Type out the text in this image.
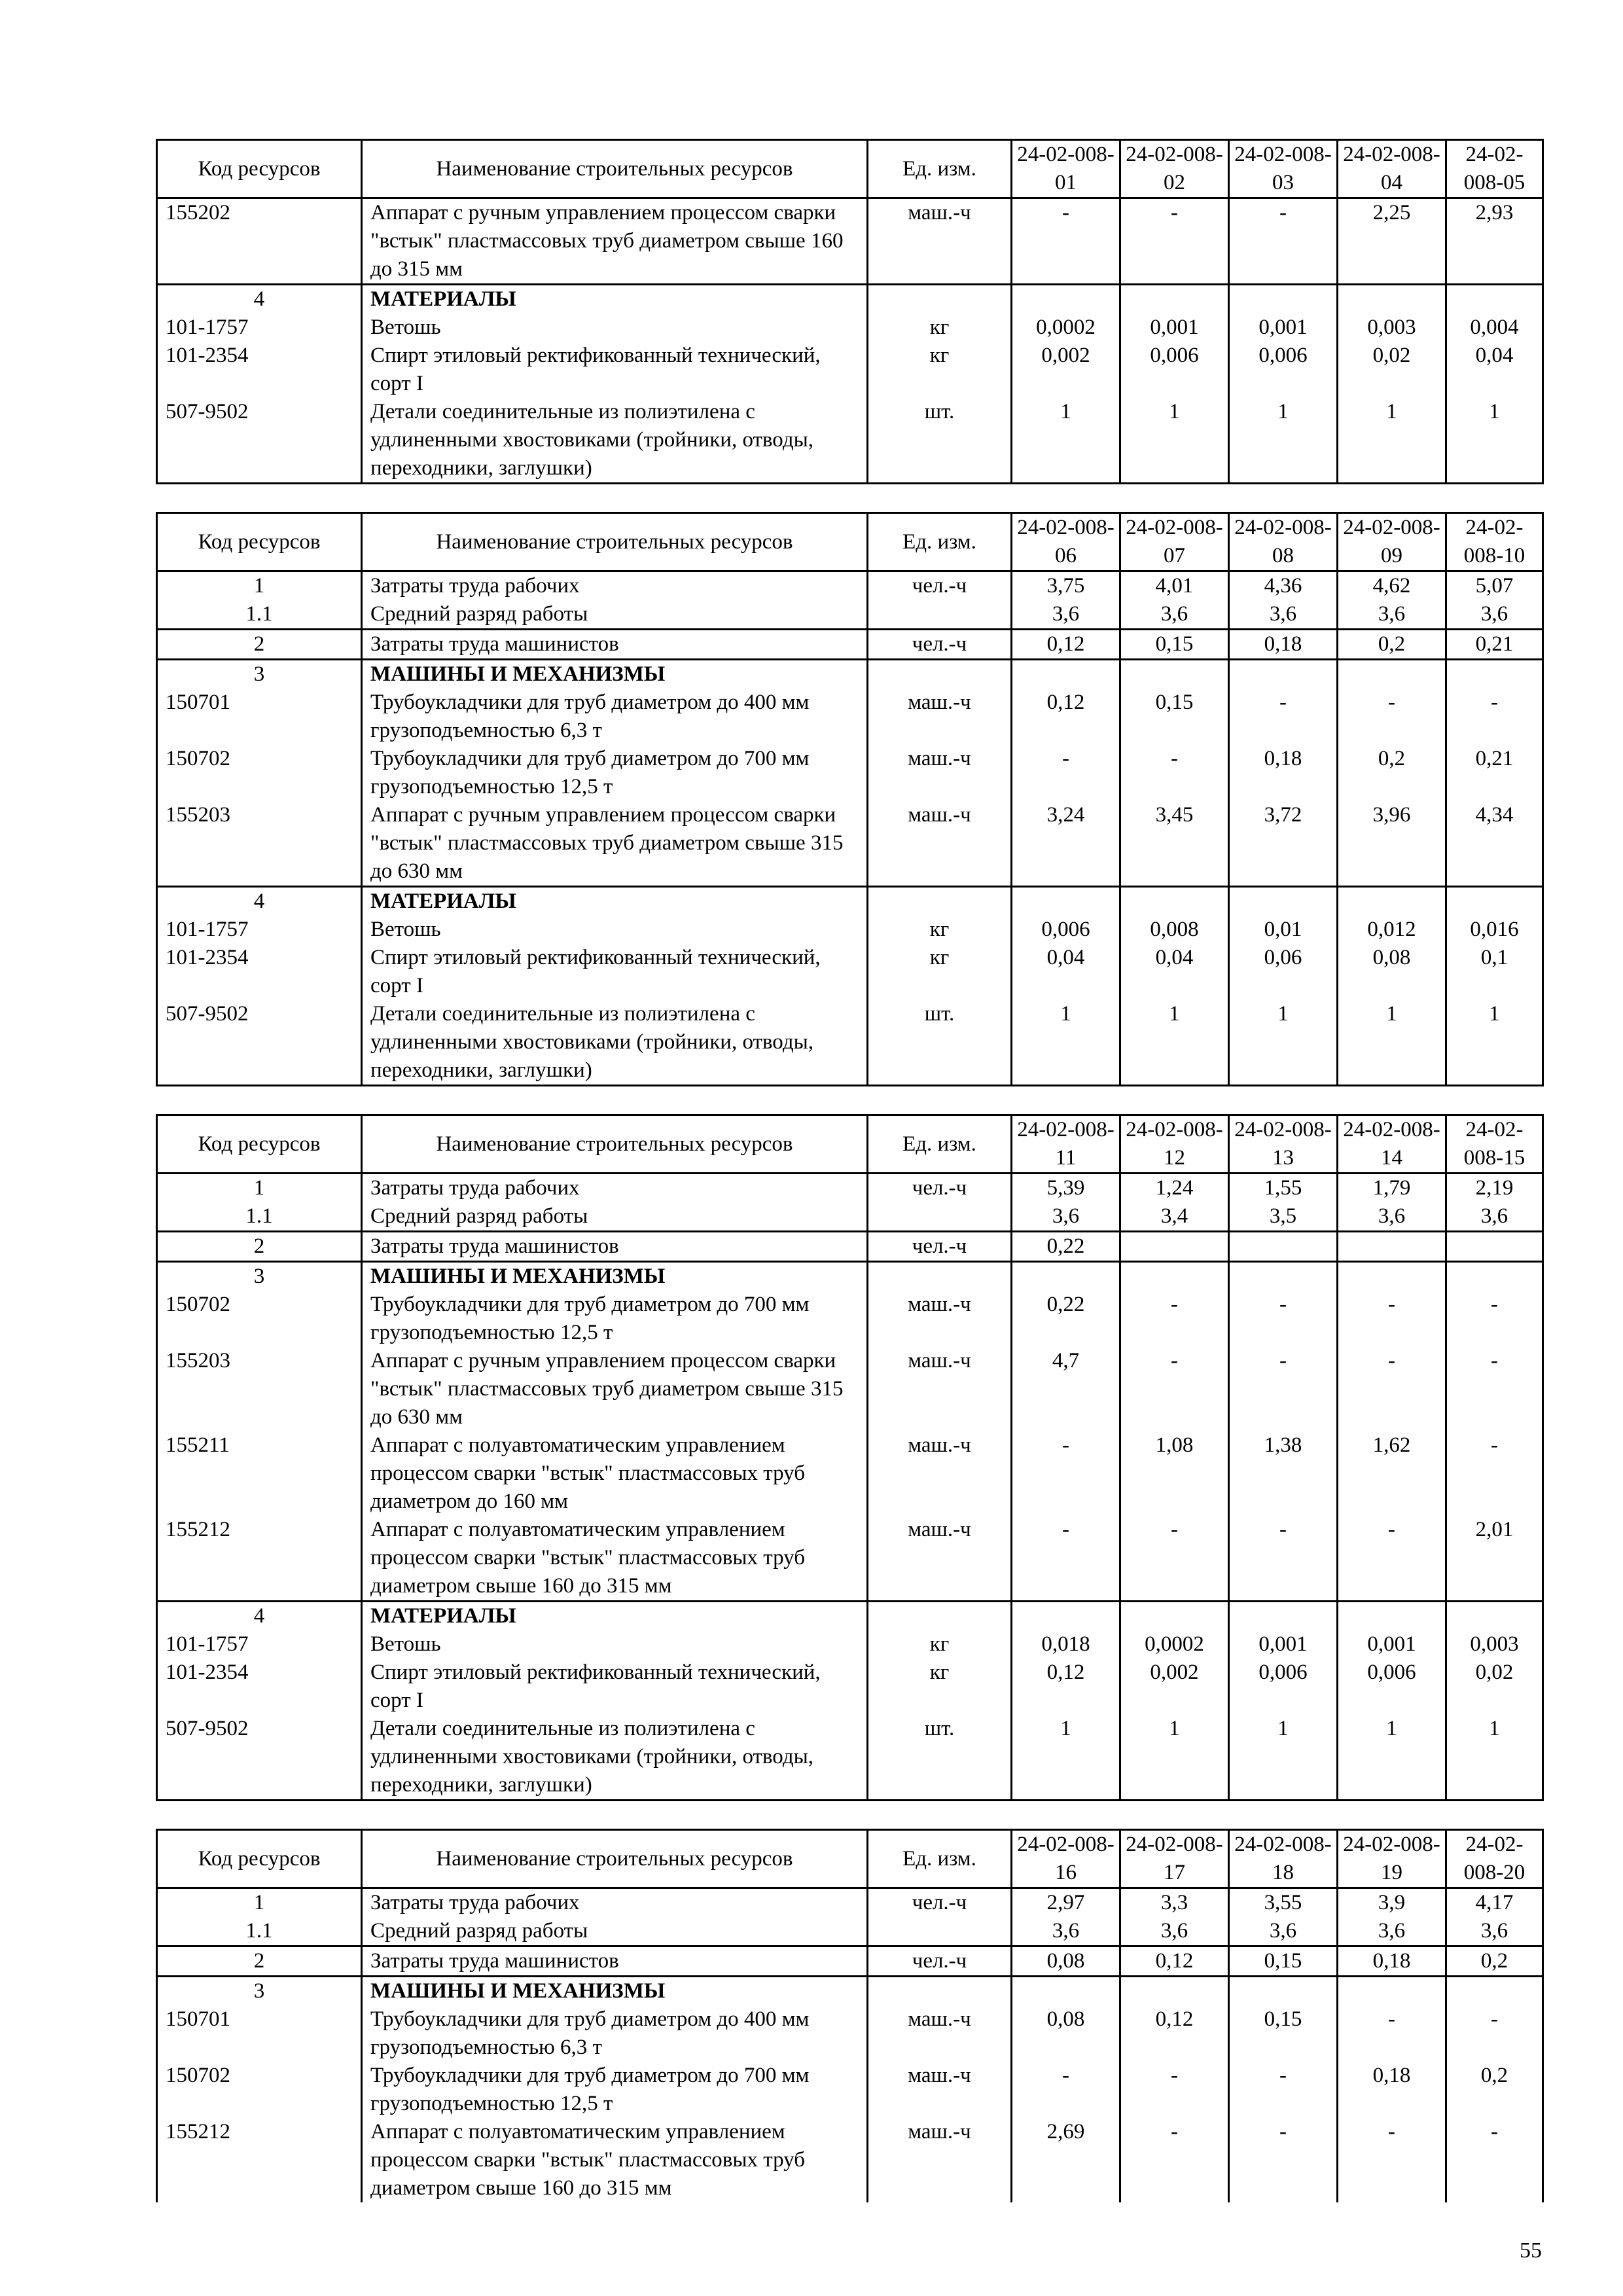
Код ресурсов	Наименование строительных ресурсов	Ед. изм.	24-02-008-01	24-02-008-02	24-02-008-03	24-02-008-04	24-02-008-05
155202	Аппарат с ручным управлением процессом сварки "встык" пластмассовых труб диаметром свыше 160 до 315 мм	маш.-ч	-	-	-	2,25	2,93
4	МАТЕРИАЛЫ						
101-1757	Ветошь	кг	0,0002	0,001	0,001	0,003	0,004
101-2354	Спирт этиловый ректификованный технический, сорт I	кг	0,002	0,006	0,006	0,02	0,04
507-9502	Детали соединительные из полиэтилена с удлиненными хвостовиками (тройники, отводы, переходники, заглушки)	шт.	1	1	1	1	1
Код ресурсов	Наименование строительных ресурсов	Ед. изм.	24-02-008-06	24-02-008-07	24-02-008-08	24-02-008-09	24-02-008-10
1	Затраты труда рабочих	чел.-ч	3,75	4,01	4,36	4,62	5,07
1.1	Средний разряд работы		3,6	3,6	3,6	3,6	3,6
2	Затраты труда машинистов	чел.-ч	0,12	0,15	0,18	0,2	0,21
3	МАШИНЫ И МЕХАНИЗМЫ						
150701	Трубоукладчики для труб диаметром до 400 мм грузоподъемностью 6,3 т	маш.-ч	0,12	0,15	-	-	-
150702	Трубоукладчики для труб диаметром до 700 мм грузоподъемностью 12,5 т	маш.-ч	-	-	0,18	0,2	0,21
155203	Аппарат с ручным управлением процессом сварки "встык" пластмассовых труб диаметром свыше 315 до 630 мм	маш.-ч	3,24	3,45	3,72	3,96	4,34
4	МАТЕРИАЛЫ						
101-1757	Ветошь	кг	0,006	0,008	0,01	0,012	0,016
101-2354	Спирт этиловый ректификованный технический, сорт I	кг	0,04	0,04	0,06	0,08	0,1
507-9502	Детали соединительные из полиэтилена с удлиненными хвостовиками (тройники, отводы, переходники, заглушки)	шт.	1	1	1	1	1
Код ресурсов	Наименование строительных ресурсов	Ед. изм.	24-02-008-11	24-02-008-12	24-02-008-13	24-02-008-14	24-02-008-15
1	Затраты труда рабочих	чел.-ч	5,39	1,24	1,55	1,79	2,19
1.1	Средний разряд работы		3,6	3,4	3,5	3,6	3,6
2	Затраты труда машинистов	чел.-ч	0,22				
3	МАШИНЫ И МЕХАНИЗМЫ						
150702	Трубоукладчики для труб диаметром до 700 мм грузоподъемностью 12,5 т	маш.-ч	0,22	-	-	-	-
155203	Аппарат с ручным управлением процессом сварки "встык" пластмассовых труб диаметром свыше 315 до 630 мм	маш.-ч	4,7	-	-	-	-
155211	Аппарат с полуавтоматическим управлением процессом сварки "встык" пластмассовых труб диаметром до 160 мм	маш.-ч	-	1,08	1,38	1,62	-
155212	Аппарат с полуавтоматическим управлением процессом сварки "встык" пластмассовых труб диаметром свыше 160 до 315 мм	маш.-ч	-	-	-	-	2,01
4	МАТЕРИАЛЫ						
101-1757	Ветошь	кг	0,018	0,0002	0,001	0,001	0,003
101-2354	Спирт этиловый ректификованный технический, сорт I	кг	0,12	0,002	0,006	0,006	0,02
507-9502	Детали соединительные из полиэтилена с удлиненными хвостовиками (тройники, отводы, переходники, заглушки)	шт.	1	1	1	1	1
Код ресурсов	Наименование строительных ресурсов	Ед. изм.	24-02-008-16	24-02-008-17	24-02-008-18	24-02-008-19	24-02-008-20
1	Затраты труда рабочих	чел.-ч	2,97	3,3	3,55	3,9	4,17
1.1	Средний разряд работы		3,6	3,6	3,6	3,6	3,6
2	Затраты труда машинистов	чел.-ч	0,08	0,12	0,15	0,18	0,2
3	МАШИНЫ И МЕХАНИЗМЫ						
150701	Трубоукладчики для труб диаметром до 400 мм грузоподъемностью 6,3 т	маш.-ч	0,08	0,12	0,15	-	-
150702	Трубоукладчики для труб диаметром до 700 мм грузоподъемностью 12,5 т	маш.-ч	-	-	-	0,18	0,2
155212	Аппарат с полуавтоматическим управлением процессом сварки "встык" пластмассовых труб диаметром свыше 160 до 315 мм	маш.-ч	2,69	-	-	-	-
55
